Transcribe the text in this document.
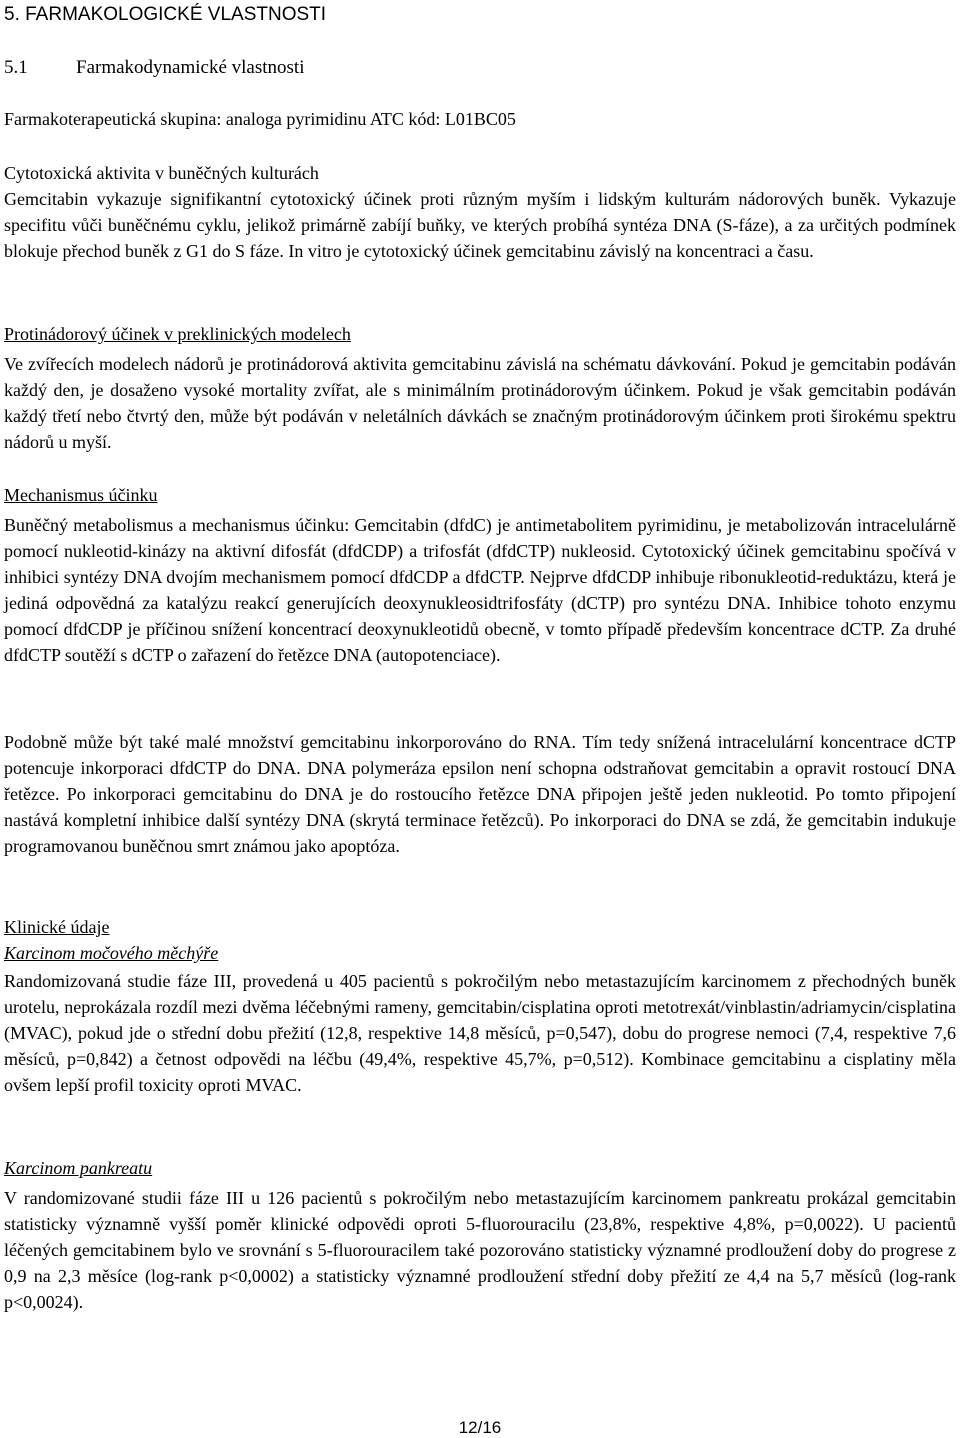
5. FARMAKOLOGICKÉ VLASTNOSTI
5.1	Farmakodynamické vlastnosti
Farmakoterapeutická skupina: analoga pyrimidinu ATC kód: L01BC05
Cytotoxická aktivita v buněčných kulturách
Gemcitabin vykazuje signifikantní cytotoxický účinek proti různým myším i lidským kulturám nádorových buněk. Vykazuje specifitu vůči buněčnému cyklu, jelikož primárně zabíjí buňky, ve kterých probíhá syntéza DNA (S-fáze), a za určitých podmínek blokuje přechod buněk z G1 do S fáze. In vitro je cytotoxický účinek gemcitabinu závislý na koncentraci a času.
Protinádorový účinek v preklinických modelech
Ve zvířecích modelech nádorů je protinádorová aktivita gemcitabinu závislá na schématu dávkování. Pokud je gemcitabin podáván každý den, je dosaženo vysoké mortality zvířat, ale s minimálním protinádorovým účinkem. Pokud je však gemcitabin podáván každý třetí nebo čtvrtý den, může být podáván v neletálních dávkách se značným protinádorovým účinkem proti širokému spektru nádorů u myší.
Mechanismus účinku
Buněčný metabolismus a mechanismus účinku: Gemcitabin (dfdC) je antimetabolitem pyrimidinu, je metabolizován intracelulárně pomocí nukleotid-kinázy na aktivní difosfát (dfdCDP) a trifosfát (dfdCTP) nukleosid. Cytotoxický účinek gemcitabinu spočívá v inhibici syntézy DNA dvojím mechanismem pomocí dfdCDP a dfdCTP. Nejprve dfdCDP inhibuje ribonukleotid-reduktázu, která je jediná odpovědná za katalýzu reakcí generujících deoxynukleosidtrifosfáty (dCTP) pro syntézu DNA. Inhibice tohoto enzymu pomocí dfdCDP je příčinou snížení koncentrací deoxynukleotidů obecně, v tomto případě především koncentrace dCTP. Za druhé dfdCTP soutěží s dCTP o zařazení do řetězce DNA (autopotenciace).
Podobně může být také malé množství gemcitabinu inkorporováno do RNA. Tím tedy snížená intracelulární koncentrace dCTP potencuje inkorporaci dfdCTP do DNA. DNA polymeráza epsilon není schopna odstraňovat gemcitabin a opravit rostoucí DNA řetězce. Po inkorporaci gemcitabinu do DNA je do rostoucího řetězce DNA připojen ještě jeden nukleotid. Po tomto připojení nastává kompletní inhibice další syntézy DNA (skrytá terminace řetězců). Po inkorporaci do DNA se zdá, že gemcitabin indukuje programovanou buněčnou smrt známou jako apoptóza.
Klinické údaje
Karcinom močového měchýře
Randomizovaná studie fáze III, provedená u 405 pacientů s pokročilým nebo metastazujícím karcinomem z přechodných buněk urotelu, neprokázala rozdíl mezi dvěma léčebnými rameny, gemcitabin/cisplatina oproti metotrexát/vinblastin/adriamycin/cisplatina (MVAC), pokud jde o střední dobu přežití (12,8, respektive 14,8 měsíců, p=0,547), dobu do progrese nemoci (7,4, respektive 7,6 měsíců, p=0,842) a četnost odpovědi na léčbu (49,4%, respektive 45,7%, p=0,512). Kombinace gemcitabinu a cisplatiny měla ovšem lepší profil toxicity oproti MVAC.
Karcinom pankreatu
V randomizované studii fáze III u 126 pacientů s pokročilým nebo metastazujícím karcinomem pankreatu prokázal gemcitabin statisticky významně vyšší poměr klinické odpovědi oproti 5-fluorouracilu (23,8%, respektive 4,8%, p=0,0022). U pacientů léčených gemcitabinem bylo ve srovnání s 5-fluorouracilem také pozorováno statisticky významné prodloužení doby do progrese z 0,9 na 2,3 měsíce (log-rank p<0,0002) a statisticky významné prodloužení střední doby přežití ze 4,4 na 5,7 měsíců (log-rank p<0,0024).
12/16
